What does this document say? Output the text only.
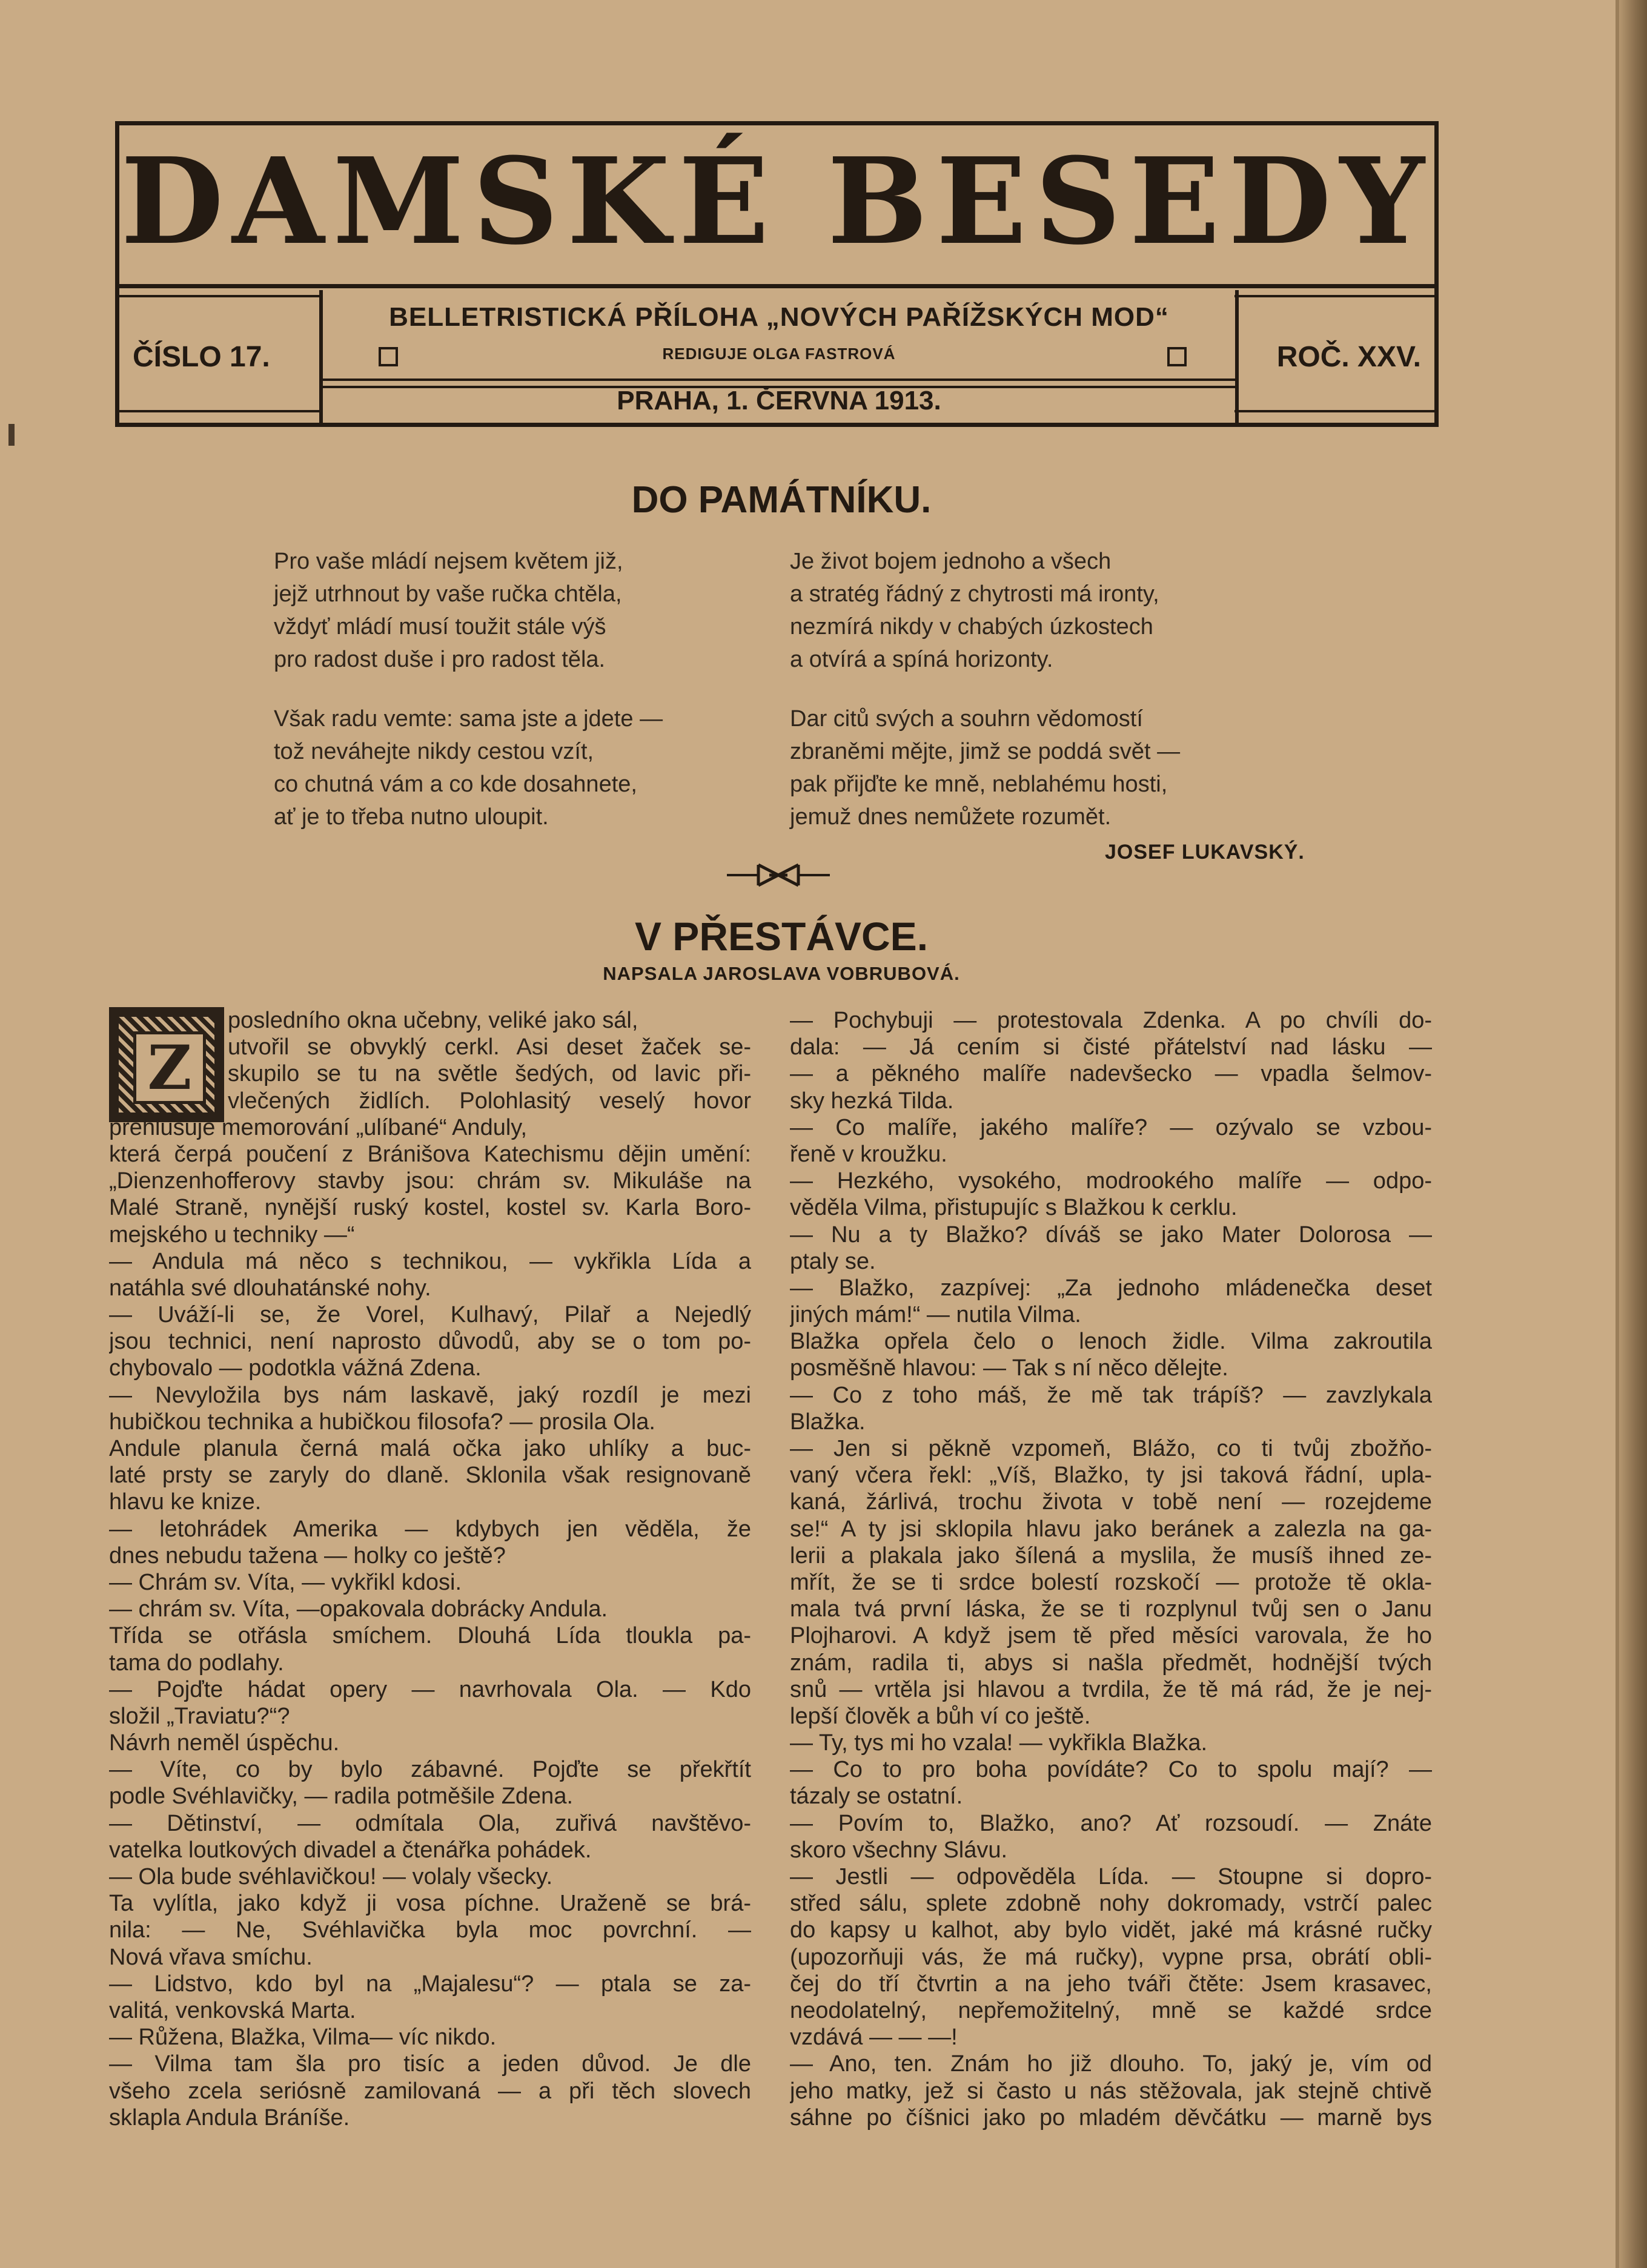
DAMSKÉ BESEDY
ČÍSLO 17.	ROČ. XXV.
BELLETRISTICKÁ PŘÍLOHA „NOVÝCH PAŘÍŽSKÝCH MOD“
REDIGUJE OLGA FASTROVÁ
PRAHA, 1. ČERVNA 1913.
DO PAMÁTNÍKU.
Pro vaše mládí nejsem květem již,
jejž utrhnout by vaše ručka chtěla,
vždyť mládí musí toužit stále výš
pro radost duše i pro radost těla.
Však radu vemte: sama jste a jdete —
tož neváhejte nikdy cestou vzít,
co chutná vám a co kde dosahnete,
ať je to třeba nutno uloupit.
Je život bojem jednoho a všech
a stratég řádný z chytrosti má ironty,
nezmírá nikdy v chabých úzkostech
a otvírá a spíná horizonty.
Dar citů svých a souhrn vědomostí
zbraněmi mějte, jimž se poddá svět —
pak přijďte ke mně, neblahému hosti,
jemuž dnes nemůžete rozumět.
JOSEF LUKAVSKÝ.
V PŘESTÁVCE.
NAPSALA JAROSLAVA VOBRUBOVÁ.
Z
posledního okna učebny, veliké jako sál,
utvořil se obvyklý cerkl. Asi deset žaček se-
skupilo se tu na světle šedých, od lavic při-
vlečených židlích. Polohlasitý veselý hovor
přehlušuje memorování „ulíbané“ Anduly,
která čerpá poučení z Bránišova Katechismu dějin umění:
„Dienzenhofferovy stavby jsou: chrám sv. Mikuláše na
Malé Straně, nynější ruský kostel, kostel sv. Karla Boro-
mejského u techniky —“
— Andula má něco s technikou, — vykřikla Lída a
natáhla své dlouhatánské nohy.
— Uváží-li se, že Vorel, Kulhavý, Pilař a Nejedlý
jsou technici, není naprosto důvodů, aby se o tom po-
chybovalo — podotkla vážná Zdena.
— Nevyložila bys nám laskavě, jaký rozdíl je mezi
hubičkou technika a hubičkou filosofa? — prosila Ola.
Andule planula černá malá očka jako uhlíky a buc-
laté prsty se zaryly do dlaně. Sklonila však resignovaně
hlavu ke knize.
— letohrádek Amerika — kdybych jen věděla, že
dnes nebudu tažena — holky co ještě?
— Chrám sv. Víta, — vykřikl kdosi.
— chrám sv. Víta, —opakovala dobrácky Andula.
Třída se otřásla smíchem. Dlouhá Lída tloukla pa-
tama do podlahy.
— Pojďte hádat opery — navrhovala Ola. — Kdo
složil „Traviatu?“?
Návrh neměl úspěchu.
— Víte, co by bylo zábavné. Pojďte se překřtít
podle Svéhlavičky, — radila potměšile Zdena.
— Dětinství, — odmítala Ola, zuřivá navštěvo-
vatelka loutkových divadel a čtenářka pohádek.
— Ola bude svéhlavičkou! — volaly všecky.
Ta vylítla, jako když ji vosa píchne. Uraženě se brá-
nila: — Ne, Svéhlavička byla moc povrchní. —
Nová vřava smíchu.
— Lidstvo, kdo byl na „Majalesu“? — ptala se za-
valitá, venkovská Marta.
— Růžena, Blažka, Vilma— víc nikdo.
— Vilma tam šla pro tisíc a jeden důvod. Je dle
všeho zcela seriósně zamilovaná — a při těch slovech
sklapla Andula Bráníše.
— Pochybuji — protestovala Zdenka. A po chvíli do-
dala: — Já cením si čisté přátelství nad lásku —
— a pěkného malíře nadevšecko — vpadla šelmov-
sky hezká Tilda.
— Co malíře, jakého malíře? — ozývalo se vzbou-
řeně v kroužku.
— Hezkého, vysokého, modrookého malíře — odpo-
věděla Vilma, přistupujíc s Blažkou k cerklu.
— Nu a ty Blažko? díváš se jako Mater Dolorosa —
ptaly se.
— Blažko, zazpívej: „Za jednoho mládenečka deset
jiných mám!“ — nutila Vilma.
Blažka opřela čelo o lenoch židle. Vilma zakroutila
posměšně hlavou: — Tak s ní něco dělejte.
— Co z toho máš, že mě tak trápíš? — zavzlykala
Blažka.
— Jen si pěkně vzpomeň, Blážo, co ti tvůj zbožňo-
vaný včera řekl: „Víš, Blažko, ty jsi taková řádní, upla-
kaná, žárlivá, trochu života v tobě není — rozejdeme
se!“ A ty jsi sklopila hlavu jako beránek a zalezla na ga-
lerii a plakala jako šílená a myslila, že musíš ihned ze-
mřít, že se ti srdce bolestí rozskočí — protože tě okla-
mala tvá první láska, že se ti rozplynul tvůj sen o Janu
Plojharovi. A když jsem tě před měsíci varovala, že ho
znám, radila ti, abys si našla předmět, hodnější tvých
snů — vrtěla jsi hlavou a tvrdila, že tě má rád, že je nej-
lepší člověk a bůh ví co ještě.
— Ty, tys mi ho vzala! — vykřikla Blažka.
— Co to pro boha povídáte? Co to spolu mají? —
tázaly se ostatní.
— Povím to, Blažko, ano? Ať rozsoudí. — Znáte
skoro všechny Slávu.
— Jestli — odpověděla Lída. — Stoupne si dopro-
střed sálu, splete zdobně nohy dokromady, vstrčí palec
do kapsy u kalhot, aby bylo vidět, jaké má krásné ručky
(upozorňuji vás, že má ručky), vypne prsa, obrátí obli-
čej do tří čtvrtin a na jeho tváři čtěte: Jsem krasavec,
neodolatelný, nepřemožitelný, mně se každé srdce
vzdává — — —!
— Ano, ten. Znám ho již dlouho. To, jaký je, vím od
jeho matky, jež si často u nás stěžovala, jak stejně chtivě
sáhne po číšnici jako po mladém děvčátku — marně bys
